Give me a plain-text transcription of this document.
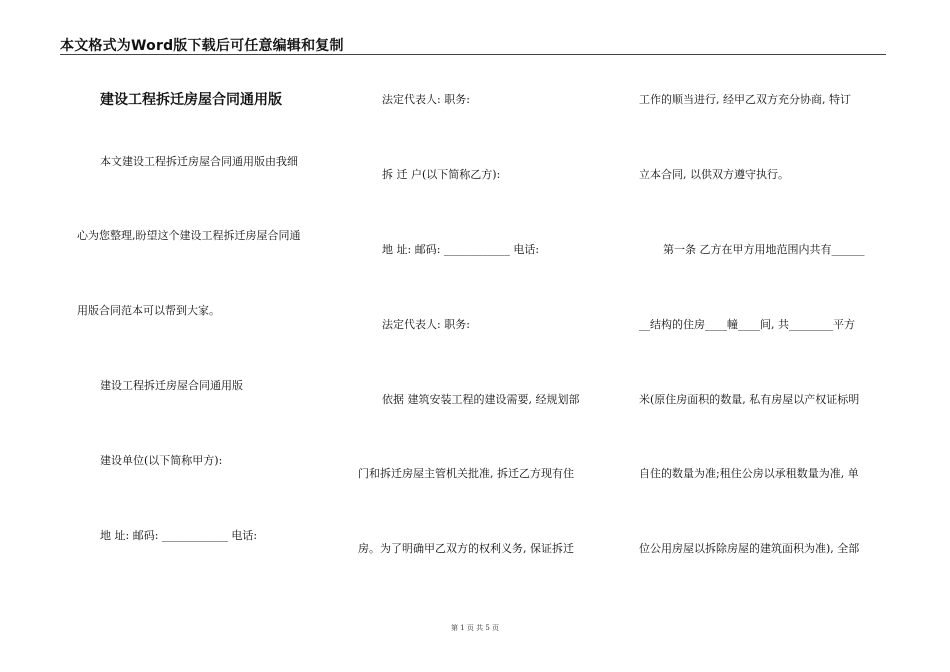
本文格式为Word版下载后可任意编辑和复制
建设工程拆迁房屋合同通用版
本文建设工程拆迁房屋合同通用版由我细
心为您整理,盼望这个建设工程拆迁房屋合同通
用版合同范本可以帮到大家。
建设工程拆迁房屋合同通用版
建设单位(以下简称甲方):
地 址: 邮码: ____________ 电话:
法定代表人: 职务:
拆 迁 户(以下简称乙方):
地 址: 邮码: ____________ 电话:
法定代表人: 职务:
依据 建筑安装工程的建设需要, 经规划部
门和拆迁房屋主管机关批准, 拆迁乙方现有住
房。为了明确甲乙双方的权利义务, 保证拆迁
工作的顺当进行, 经甲乙双方充分协商, 特订
立本合同, 以供双方遵守执行。
第一条 乙方在甲方用地范围内共有______
__结构的住房____幢____间, 共________平方
米(原住房面积的数量, 私有房屋以产权证标明
自住的数量为准;租住公房以承租数量为准, 单
位公用房屋以拆除房屋的建筑面积为准), 全部
第 1 页 共 5 页
